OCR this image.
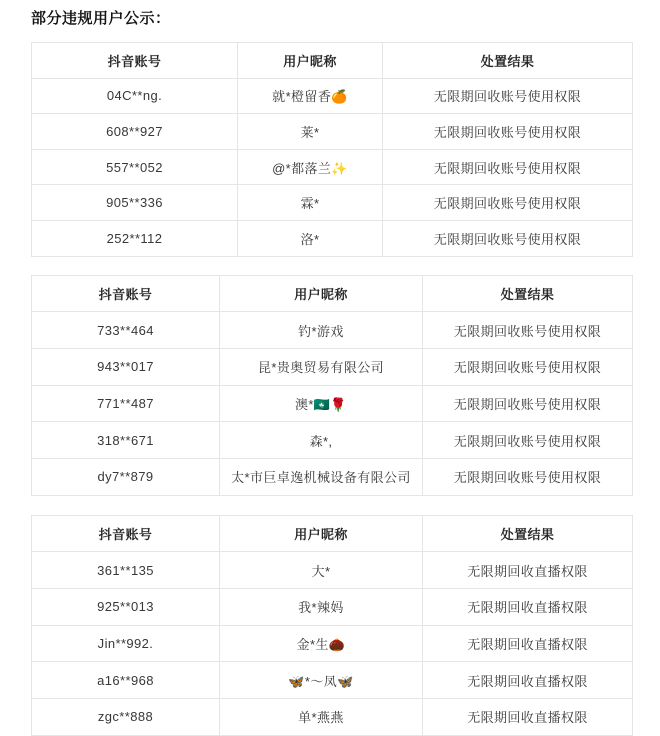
部分违规用户公示：
抖音账号	用户昵称	处置结果
04C**ng.	就*橙留香🍊	无限期回收账号使用权限
608**927	莱*	无限期回收账号使用权限
557**052	@*都落兰✨	无限期回收账号使用权限
905**336	霖*	无限期回收账号使用权限
252**112	洛*	无限期回收账号使用权限
抖音账号	用户昵称	处置结果
733**464	钓*游戏	无限期回收账号使用权限
943**017	昆*贵奥贸易有限公司	无限期回收账号使用权限
771**487	澳*🇲🇴🌹	无限期回收账号使用权限
318**671	森*,	无限期回收账号使用权限
dy7**879	太*市巨卓逸机械设备有限公司	无限期回收账号使用权限
抖音账号	用户昵称	处置结果
361**135	大*	无限期回收直播权限
925**013	我*辣妈	无限期回收直播权限
Jin**992.	金*生🌰	无限期回收直播权限
a16**968	🦋*～凤🦋	无限期回收直播权限
zgc**888	单*燕燕	无限期回收直播权限
